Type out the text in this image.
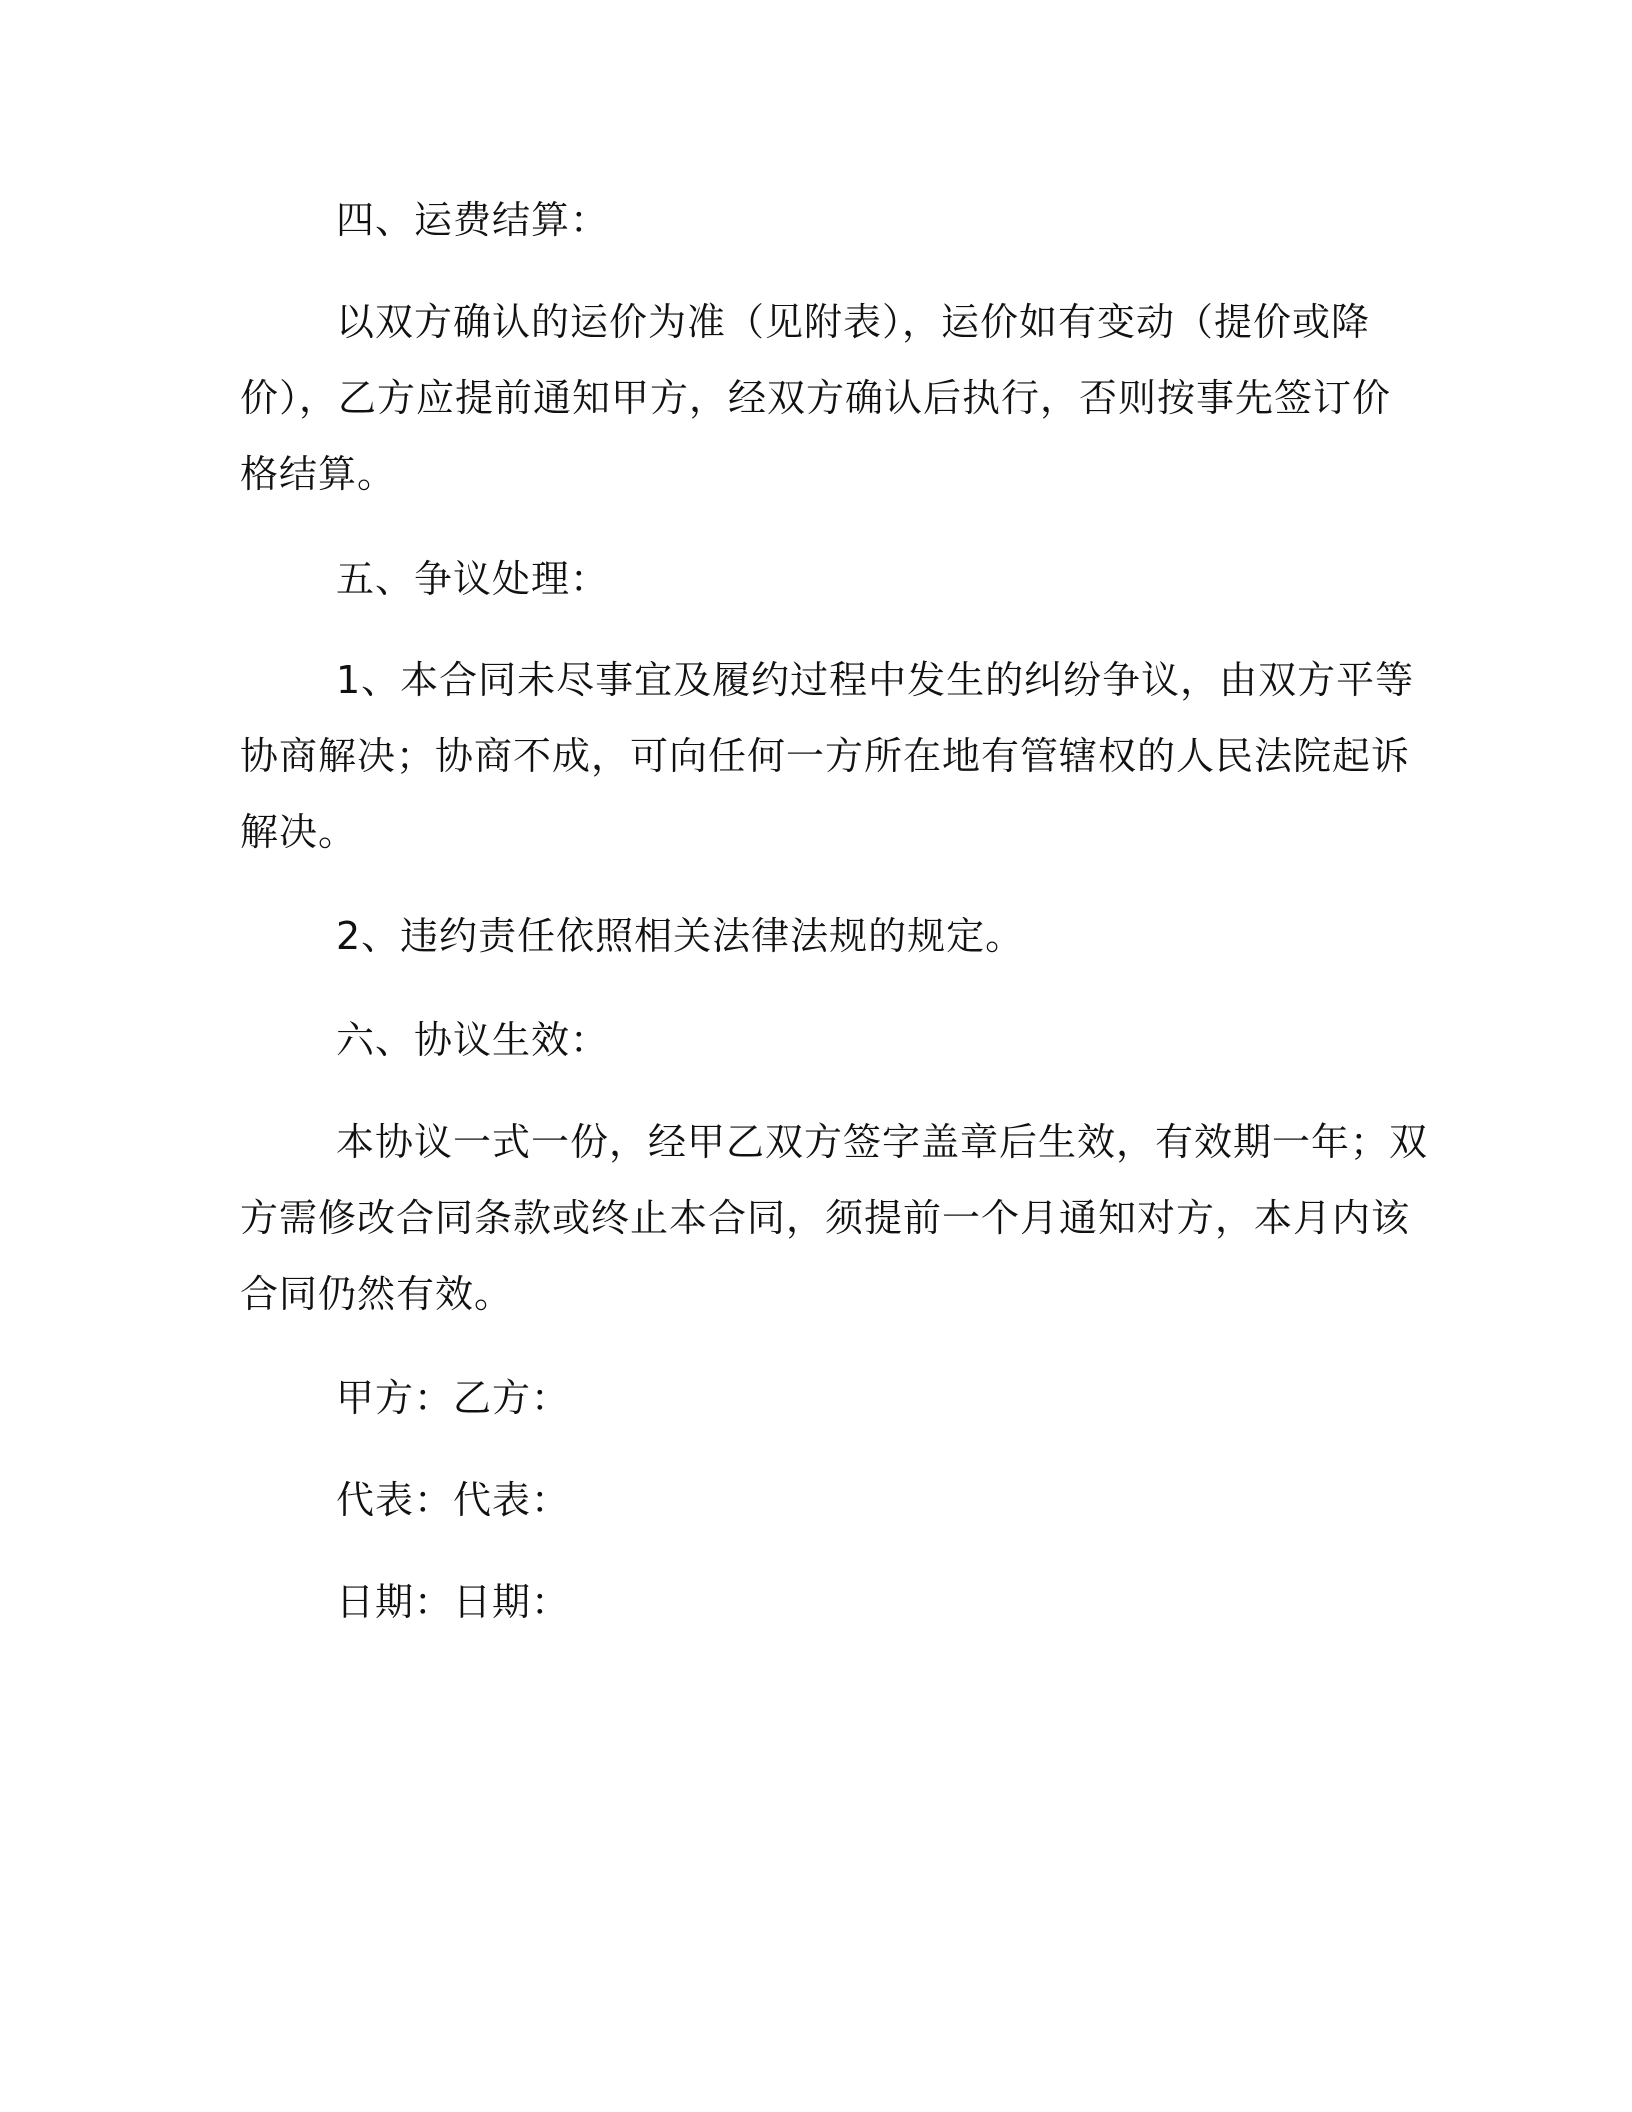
四、运费结算：
以双方确认的运价为准（见附表），运价如有变动（提价或降
价），乙方应提前通知甲方，经双方确认后执行，否则按事先签订价
格结算。
五、争议处理：
1、本合同未尽事宜及履约过程中发生的纠纷争议，由双方平等
协商解决；协商不成，可向任何一方所在地有管辖权的人民法院起诉
解决。
2、违约责任依照相关法律法规的规定。
六、协议生效：
本协议一式一份，经甲乙双方签字盖章后生效，有效期一年；双
方需修改合同条款或终止本合同，须提前一个月通知对方，本月内该
合同仍然有效。
甲方：乙方：
代表：代表：
日期：日期：
